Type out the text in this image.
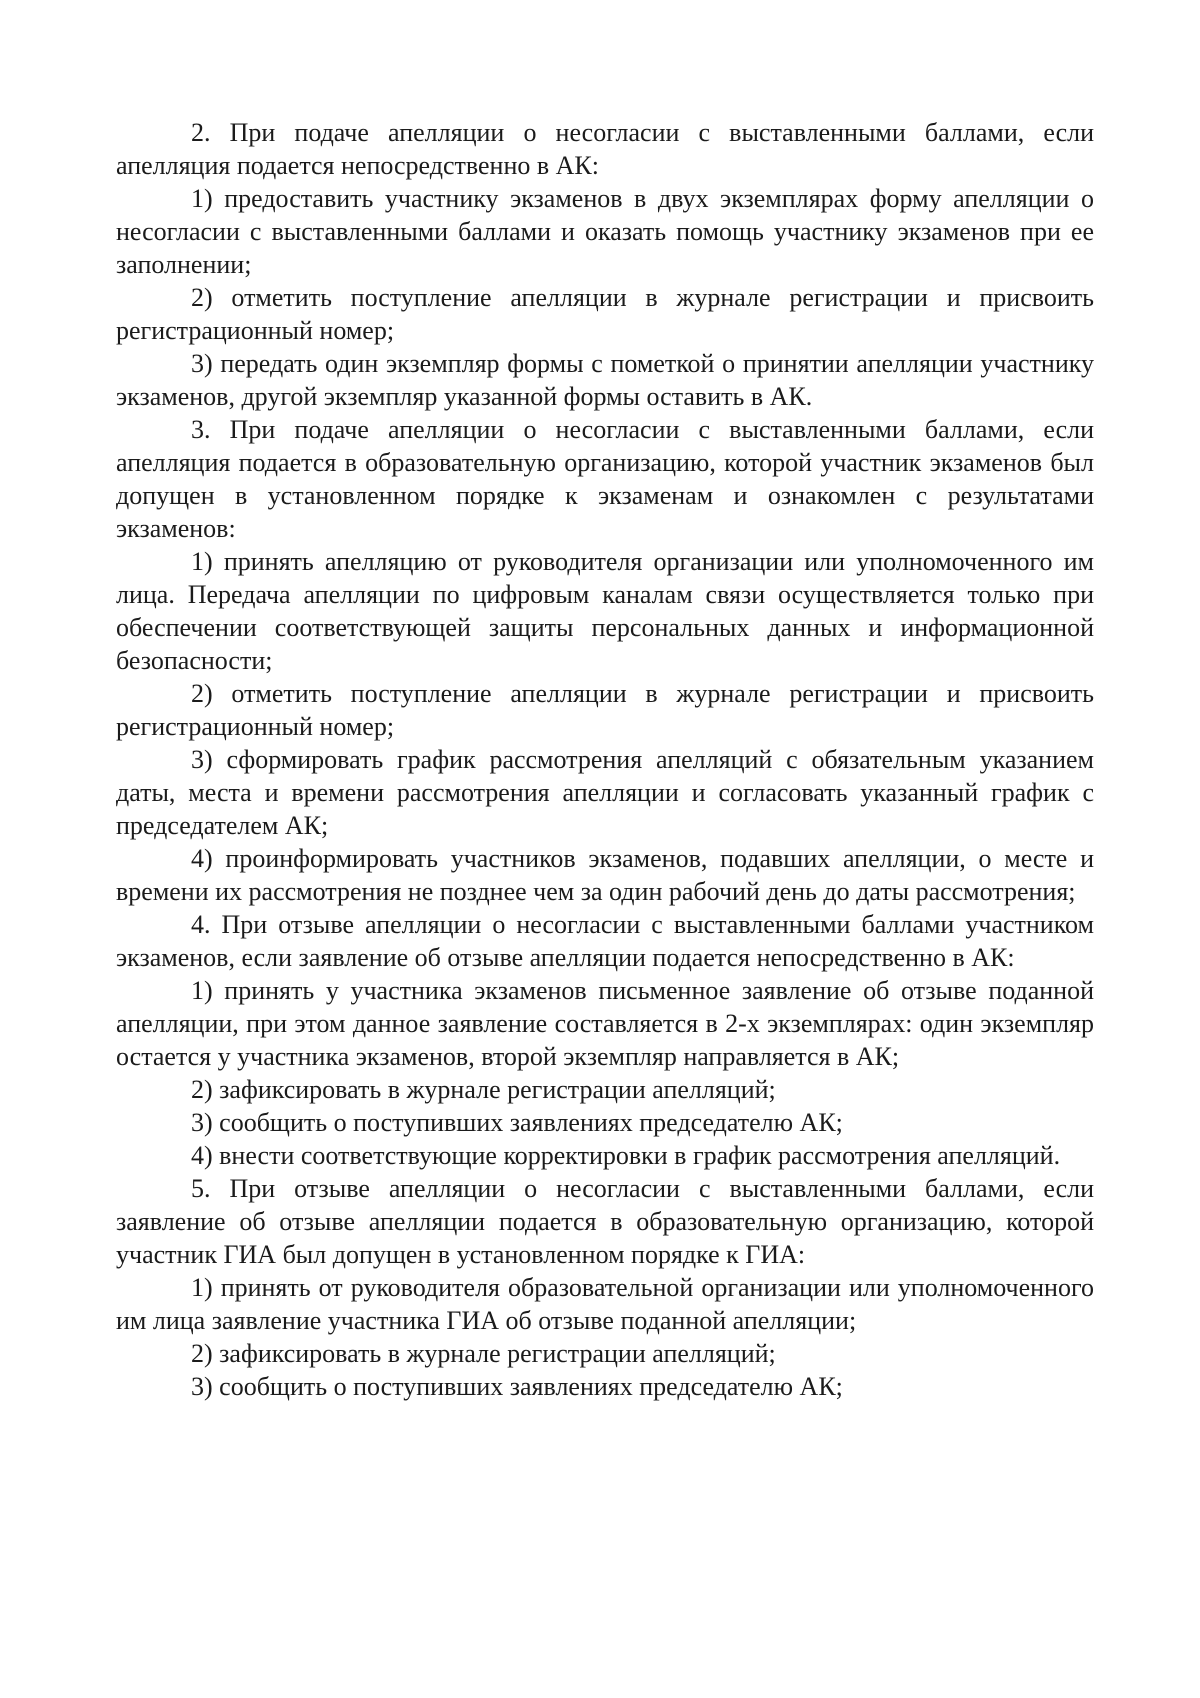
2. При подаче апелляции о несогласии с выставленными баллами, если апелляция подается непосредственно в АК:

1) предоставить участнику экзаменов в двух экземплярах форму апелляции о несогласии с выставленными баллами и оказать помощь участнику экзаменов при ее заполнении;

2) отметить поступление апелляции в журнале регистрации и присвоить регистрационный номер;

3) передать один экземпляр формы с пометкой о принятии апелляции участнику экзаменов, другой экземпляр указанной формы оставить в АК.

3. При подаче апелляции о несогласии с выставленными баллами, если апелляция подается в образовательную организацию, которой участник экзаменов был допущен в установленном порядке к экзаменам и ознакомлен с результатами экзаменов:

1) принять апелляцию от руководителя организации или уполномоченного им лица. Передача апелляции по цифровым каналам связи осуществляется только при обеспечении соответствующей защиты персональных данных и информационной безопасности;

2) отметить поступление апелляции в журнале регистрации и присвоить регистрационный номер;

3) сформировать график рассмотрения апелляций с обязательным указанием даты, места и времени рассмотрения апелляции и согласовать указанный график с председателем АК;

4) проинформировать участников экзаменов, подавших апелляции, о месте и времени их рассмотрения не позднее чем за один рабочий день до даты рассмотрения;

4. При отзыве апелляции о несогласии с выставленными баллами участником экзаменов, если заявление об отзыве апелляции подается непосредственно в АК:

1) принять у участника экзаменов письменное заявление об отзыве поданной апелляции, при этом данное заявление составляется в 2-х экземплярах: один экземпляр остается у участника экзаменов, второй экземпляр направляется в АК;

2) зафиксировать в журнале регистрации апелляций;

3) сообщить о поступивших заявлениях председателю АК;

4) внести соответствующие корректировки в график рассмотрения апелляций.

5. При отзыве апелляции о несогласии с выставленными баллами, если заявление об отзыве апелляции подается в образовательную организацию, которой участник ГИА был допущен в установленном порядке к ГИА:

1) принять от руководителя образовательной организации или уполномоченного им лица заявление участника ГИА об отзыве поданной апелляции;

2) зафиксировать в журнале регистрации апелляций;

3) сообщить о поступивших заявлениях председателю АК;
